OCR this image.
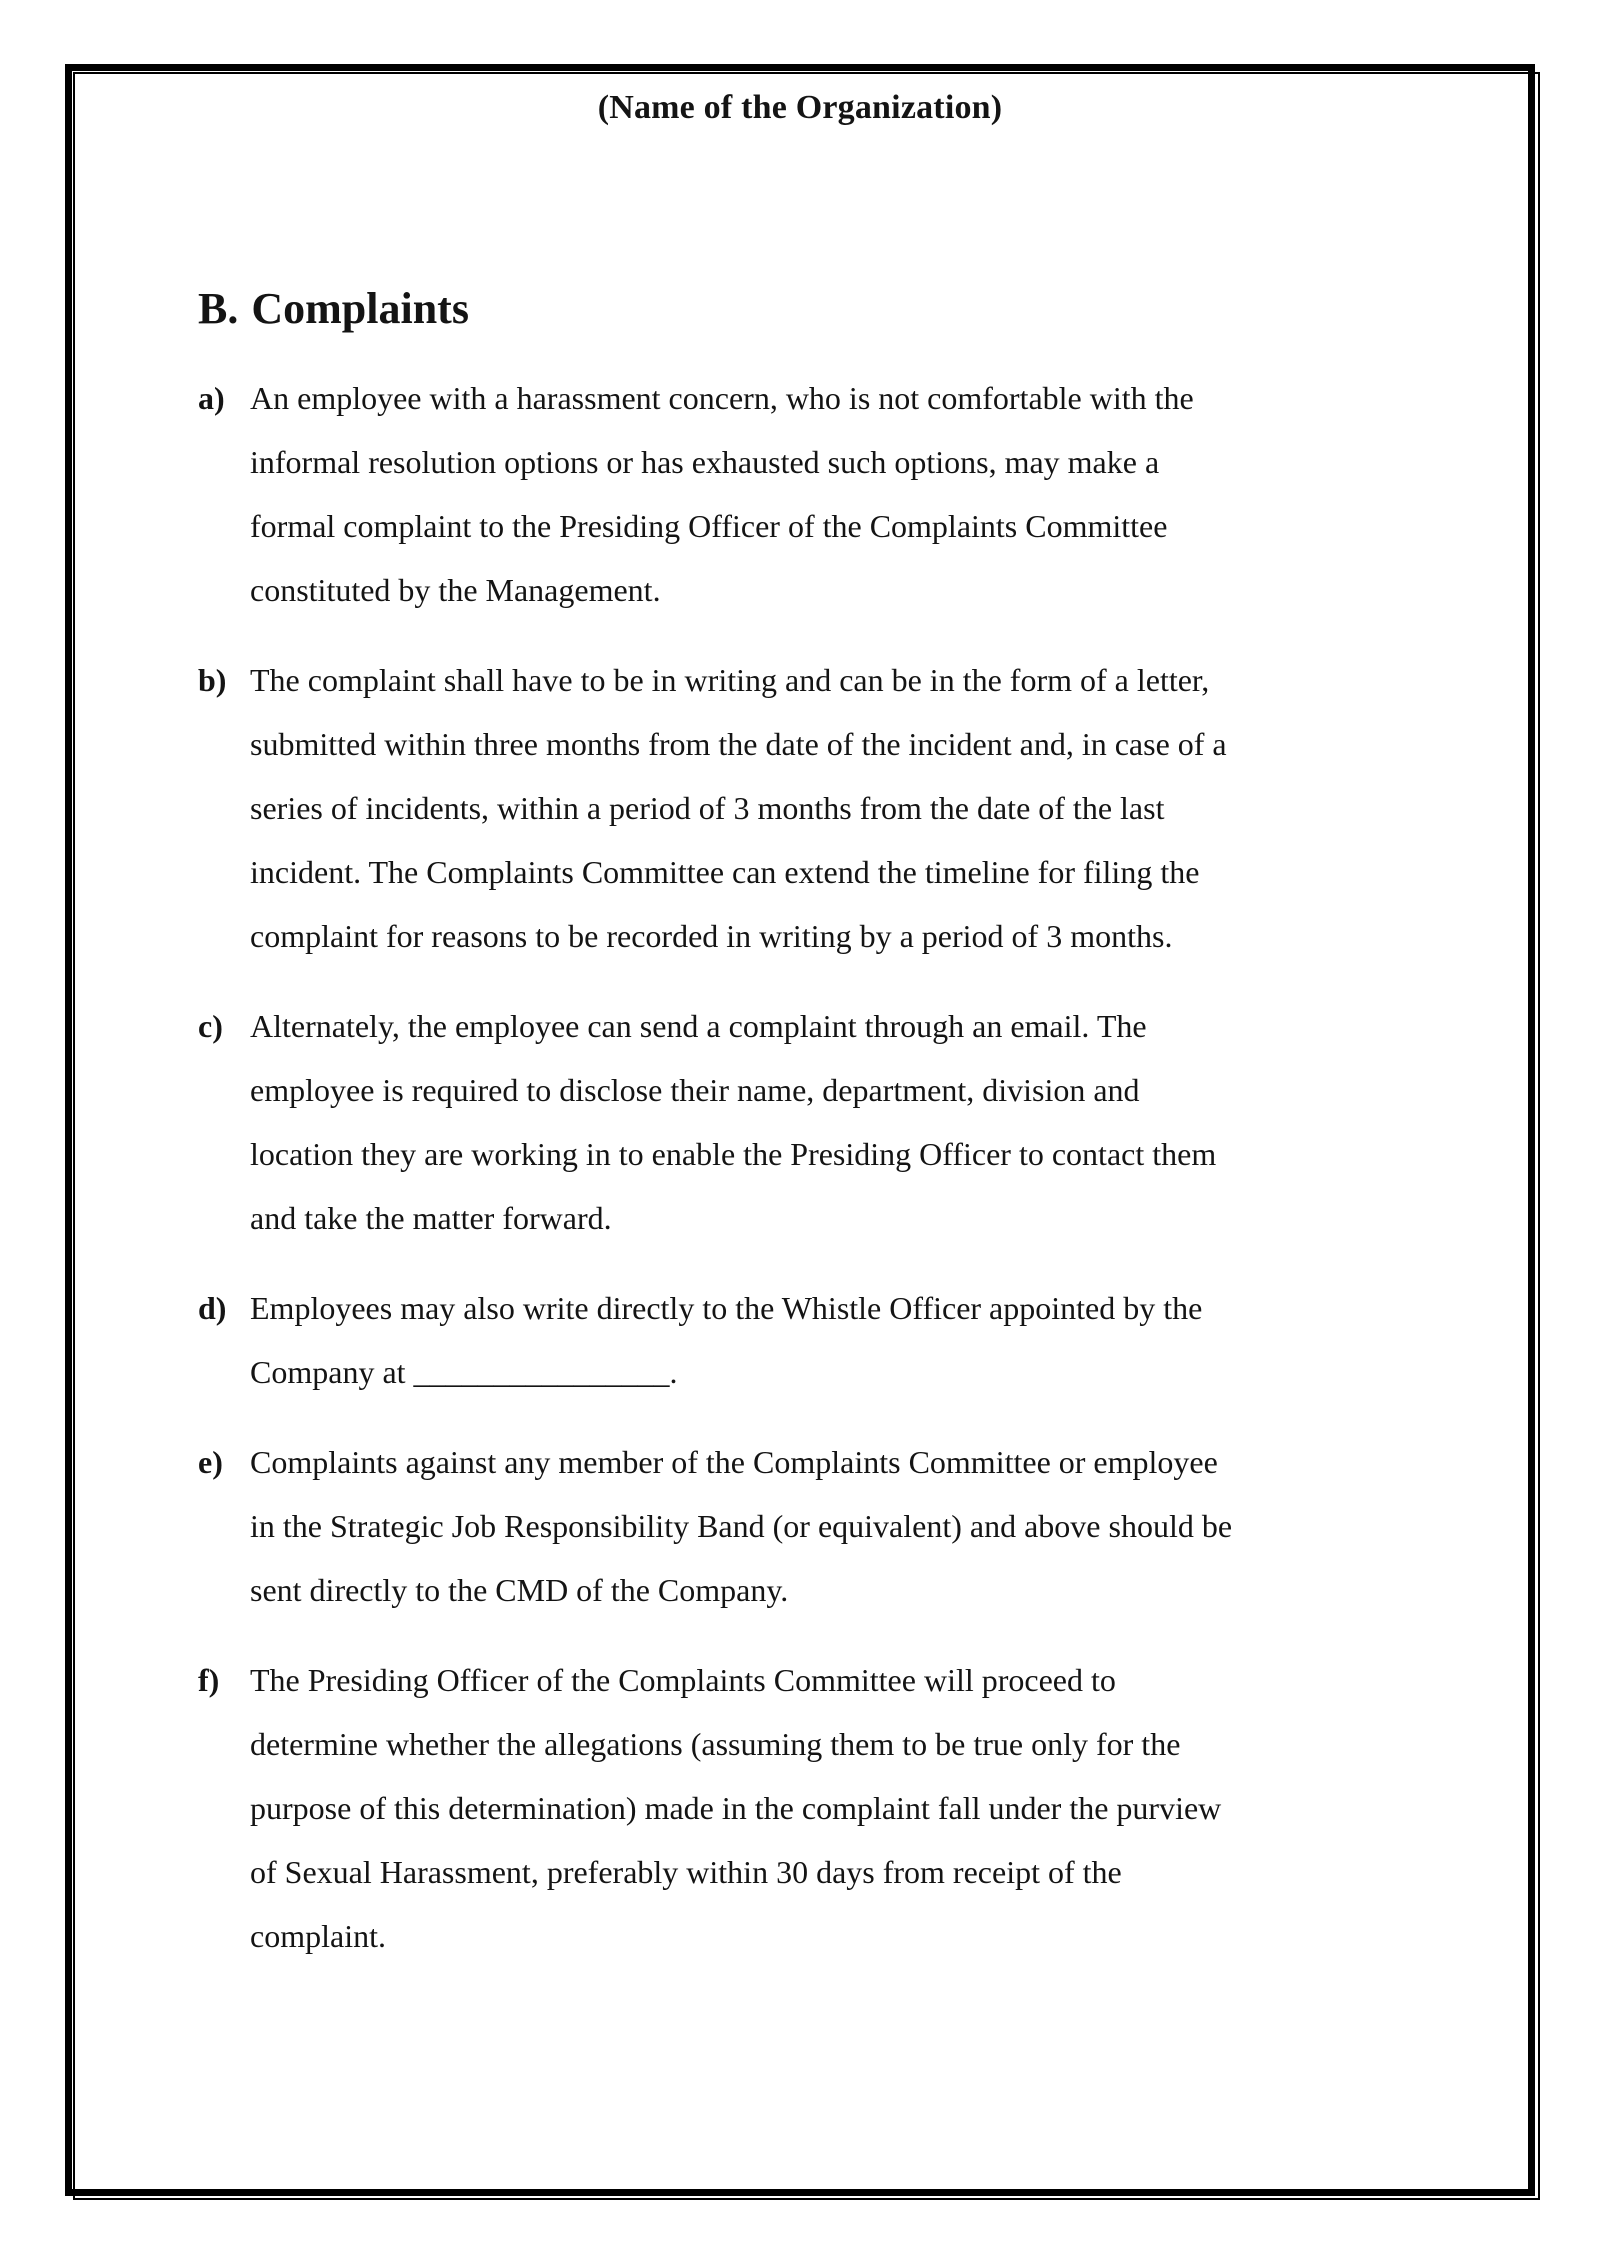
(Name of the Organization)
B. Complaints
a) An employee with a harassment concern, who is not comfortable with the
informal resolution options or has exhausted such options, may make a
formal complaint to the Presiding Officer of the Complaints Committee
constituted by the Management.
b) The complaint shall have to be in writing and can be in the form of a letter,
submitted within three months from the date of the incident and, in case of a
series of incidents, within a period of 3 months from the date of the last
incident. The Complaints Committee can extend the timeline for filing the
complaint for reasons to be recorded in writing by a period of 3 months.
c) Alternately, the employee can send a complaint through an email. The
employee is required to disclose their name, department, division and
location they are working in to enable the Presiding Officer to contact them
and take the matter forward.
d) Employees may also write directly to the Whistle Officer appointed by the
Company at ________________.
e) Complaints against any member of the Complaints Committee or employee
in the Strategic Job Responsibility Band (or equivalent) and above should be
sent directly to the CMD of the Company.
f) The Presiding Officer of the Complaints Committee will proceed to
determine whether the allegations (assuming them to be true only for the
purpose of this determination) made in the complaint fall under the purview
of Sexual Harassment, preferably within 30 days from receipt of the
complaint.
